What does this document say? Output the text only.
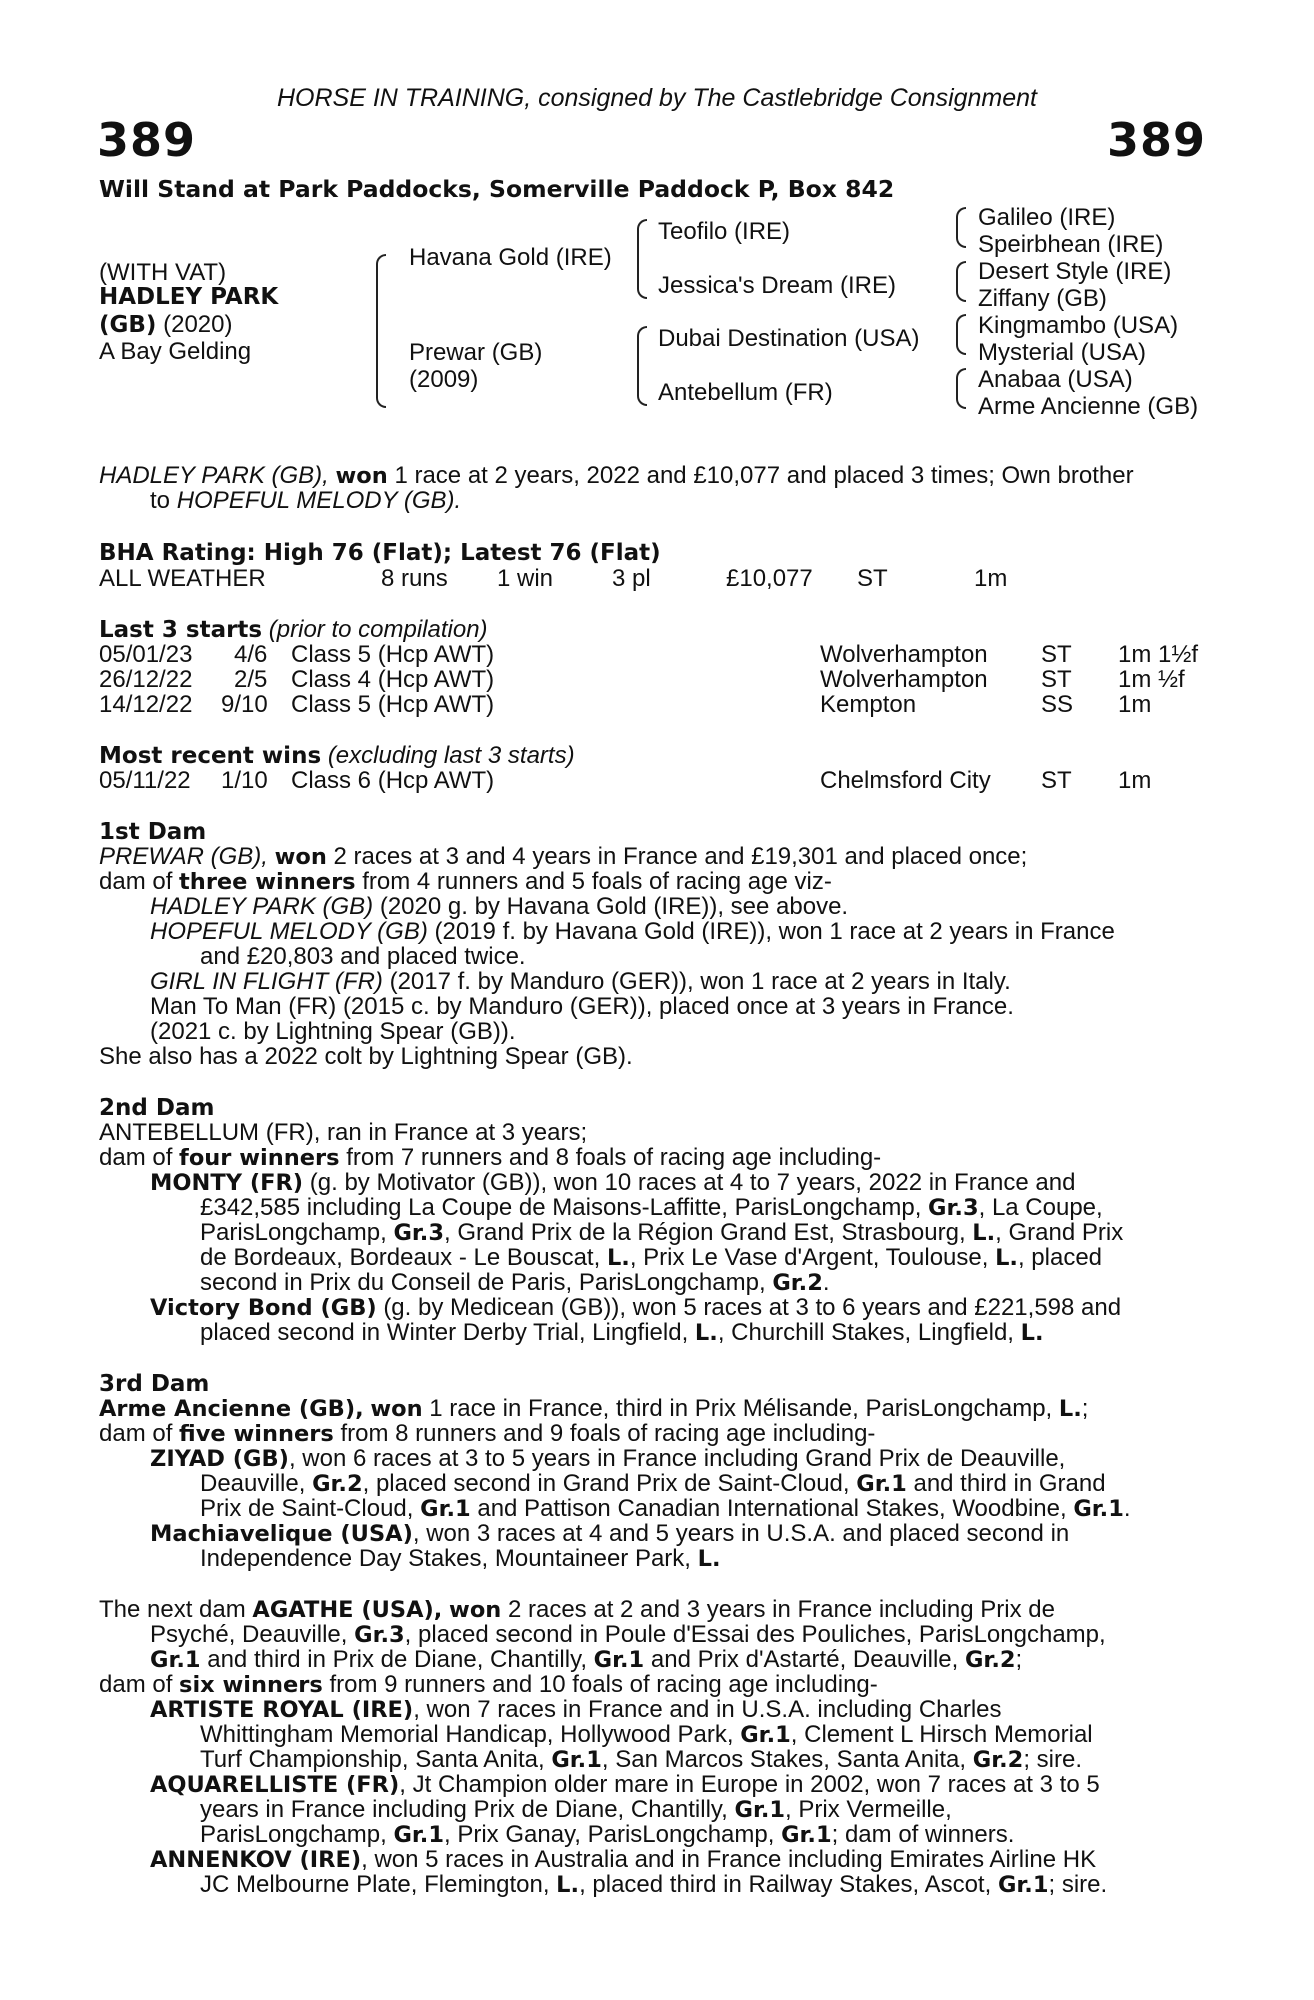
HORSE IN TRAINING, consigned by The Castlebridge Consignment
389	389
Will Stand at Park Paddocks, Somerville Paddock P, Box 842
(WITH VAT)
HADLEY PARK
(GB) (2020)
A Bay Gelding
Havana Gold (IRE)
Prewar (GB)
(2009)
Teofilo (IRE)
Jessica's Dream (IRE)
Dubai Destination (USA)
Antebellum (FR)
Galileo (IRE)
Speirbhean (IRE)
Desert Style (IRE)
Ziffany (GB)
Kingmambo (USA)
Mysterial (USA)
Anabaa (USA)
Arme Ancienne (GB)
HADLEY PARK (GB), won 1 race at 2 years, 2022 and £10,077 and placed 3 times; Own brother
to HOPEFUL MELODY (GB).
BHA Rating: High 76 (Flat); Latest 76 (Flat)
ALL WEATHER	8 runs 1 win 3 pl	£10,077 ST	1m
Last 3 starts (prior to compilation)
05/01/23 4/6 Class 5 (Hcp AWT)	Wolverhampton ST 1m 1½f
26/12/22 2/5 Class 4 (Hcp AWT)	Wolverhampton ST 1m ½f
14/12/22 9/10 Class 5 (Hcp AWT)	Kempton	SS 1m
Most recent wins (excluding last 3 starts)
05/11/22 1/10 Class 6 (Hcp AWT)	Chelmsford City ST 1m
1st Dam
PREWAR (GB), won 2 races at 3 and 4 years in France and £19,301 and placed once;
dam of three winners from 4 runners and 5 foals of racing age viz-
HADLEY PARK (GB) (2020 g. by Havana Gold (IRE)), see above.
HOPEFUL MELODY (GB) (2019 f. by Havana Gold (IRE)), won 1 race at 2 years in France
and £20,803 and placed twice.
GIRL IN FLIGHT (FR) (2017 f. by Manduro (GER)), won 1 race at 2 years in Italy.
Man To Man (FR) (2015 c. by Manduro (GER)), placed once at 3 years in France.
(2021 c. by Lightning Spear (GB)).
She also has a 2022 colt by Lightning Spear (GB).
2nd Dam
ANTEBELLUM (FR), ran in France at 3 years;
dam of four winners from 7 runners and 8 foals of racing age including-
MONTY (FR) (g. by Motivator (GB)), won 10 races at 4 to 7 years, 2022 in France and
£342,585 including La Coupe de Maisons-Laffitte, ParisLongchamp, Gr.3, La Coupe,
ParisLongchamp, Gr.3, Grand Prix de la Région Grand Est, Strasbourg, L., Grand Prix
de Bordeaux, Bordeaux - Le Bouscat, L., Prix Le Vase d'Argent, Toulouse, L., placed
second in Prix du Conseil de Paris, ParisLongchamp, Gr.2.
Victory Bond (GB) (g. by Medicean (GB)), won 5 races at 3 to 6 years and £221,598 and
placed second in Winter Derby Trial, Lingfield, L., Churchill Stakes, Lingfield, L.
3rd Dam
Arme Ancienne (GB), won 1 race in France, third in Prix Mélisande, ParisLongchamp, L.;
dam of five winners from 8 runners and 9 foals of racing age including-
ZIYAD (GB), won 6 races at 3 to 5 years in France including Grand Prix de Deauville,
Deauville, Gr.2, placed second in Grand Prix de Saint-Cloud, Gr.1 and third in Grand
Prix de Saint-Cloud, Gr.1 and Pattison Canadian International Stakes, Woodbine, Gr.1.
Machiavelique (USA), won 3 races at 4 and 5 years in U.S.A. and placed second in
Independence Day Stakes, Mountaineer Park, L.
The next dam AGATHE (USA), won 2 races at 2 and 3 years in France including Prix de
Psyché, Deauville, Gr.3, placed second in Poule d'Essai des Pouliches, ParisLongchamp,
Gr.1 and third in Prix de Diane, Chantilly, Gr.1 and Prix d'Astarté, Deauville, Gr.2;
dam of six winners from 9 runners and 10 foals of racing age including-
ARTISTE ROYAL (IRE), won 7 races in France and in U.S.A. including Charles
Whittingham Memorial Handicap, Hollywood Park, Gr.1, Clement L Hirsch Memorial
Turf Championship, Santa Anita, Gr.1, San Marcos Stakes, Santa Anita, Gr.2; sire.
AQUARELLISTE (FR), Jt Champion older mare in Europe in 2002, won 7 races at 3 to 5
years in France including Prix de Diane, Chantilly, Gr.1, Prix Vermeille,
ParisLongchamp, Gr.1, Prix Ganay, ParisLongchamp, Gr.1; dam of winners.
ANNENKOV (IRE), won 5 races in Australia and in France including Emirates Airline HK
JC Melbourne Plate, Flemington, L., placed third in Railway Stakes, Ascot, Gr.1; sire.
